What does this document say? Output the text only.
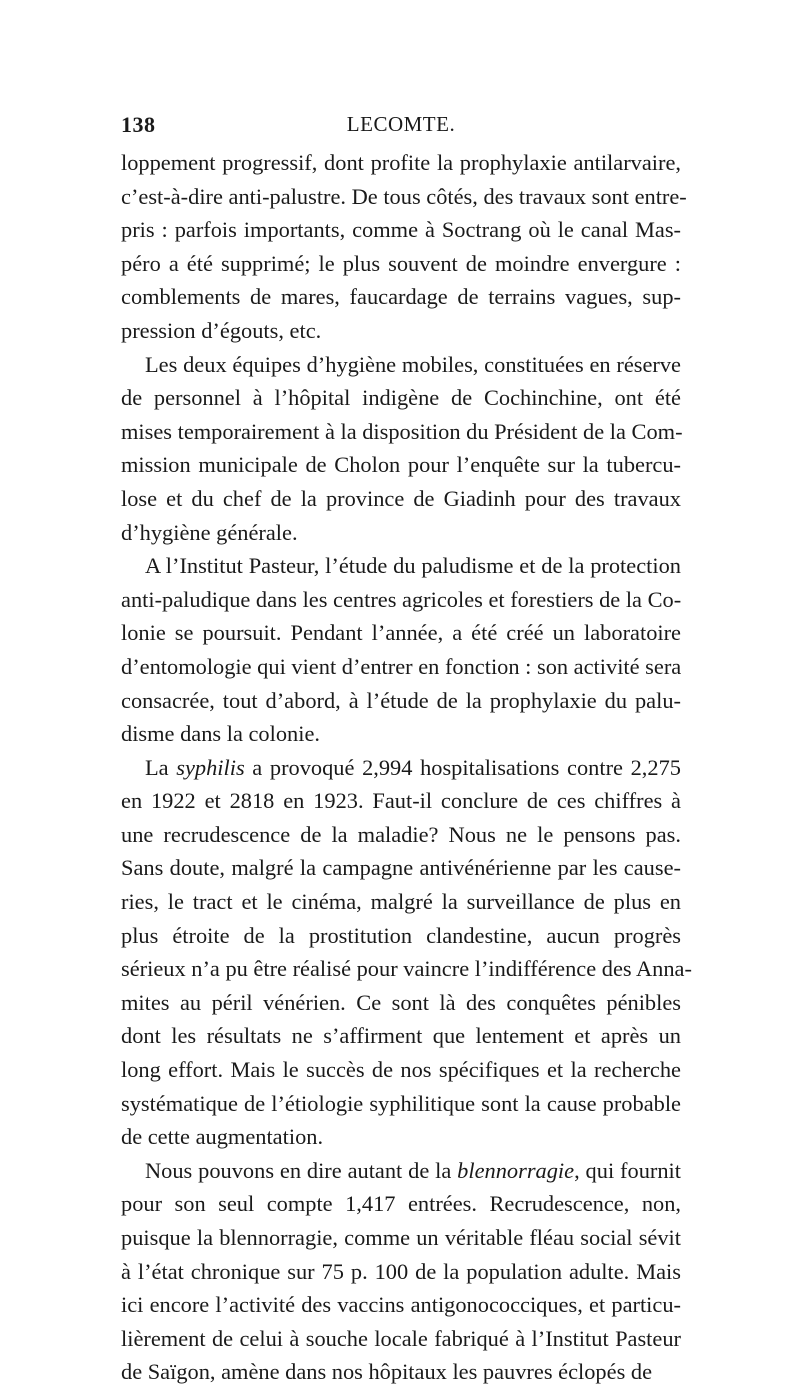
138	LECOMTE.

loppement progressif, dont profite la prophylaxie antilarvaire,
c’est-à-dire anti-palustre. De tous côtés, des travaux sont entre-
pris : parfois importants, comme à Soctrang où le canal Mas-
péro a été supprimé; le plus souvent de moindre envergure :
comblements de mares, faucardage de terrains vagues, sup-
pression d’égouts, etc.

Les deux équipes d’hygiène mobiles, constituées en réserve
de personnel à l’hôpital indigène de Cochinchine, ont été
mises temporairement à la disposition du Président de la Com-
mission municipale de Cholon pour l’enquête sur la tubercu-
lose et du chef de la province de Giadinh pour des travaux
d’hygiène générale.

A l’Institut Pasteur, l’étude du paludisme et de la protection
anti-paludique dans les centres agricoles et forestiers de la Co-
lonie se poursuit. Pendant l’année, a été créé un laboratoire
d’entomologie qui vient d’entrer en fonction : son activité sera
consacrée, tout d’abord, à l’étude de la prophylaxie du palu-
disme dans la colonie.

La syphilis a provoqué 2,994 hospitalisations contre 2,275
en 1922 et 2818 en 1923. Faut-il conclure de ces chiffres à
une recrudescence de la maladie? Nous ne le pensons pas.
Sans doute, malgré la campagne antivénérienne par les cause-
ries, le tract et le cinéma, malgré la surveillance de plus en
plus étroite de la prostitution clandestine, aucun progrès
sérieux n’a pu être réalisé pour vaincre l’indifférence des Anna-
mites au péril vénérien. Ce sont là des conquêtes pénibles
dont les résultats ne s’affirment que lentement et après un
long effort. Mais le succès de nos spécifiques et la recherche
systématique de l’étiologie syphilitique sont la cause probable
de cette augmentation.

Nous pouvons en dire autant de la blennorragie, qui fournit
pour son seul compte 1,417 entrées. Recrudescence, non,
puisque la blennorragie, comme un véritable fléau social sévit
à l’état chronique sur 75 p. 100 de la population adulte. Mais
ici encore l’activité des vaccins antigonococciques, et particu-
lièrement de celui à souche locale fabriqué à l’Institut Pasteur
de Saïgon, amène dans nos hôpitaux les pauvres éclopés de
